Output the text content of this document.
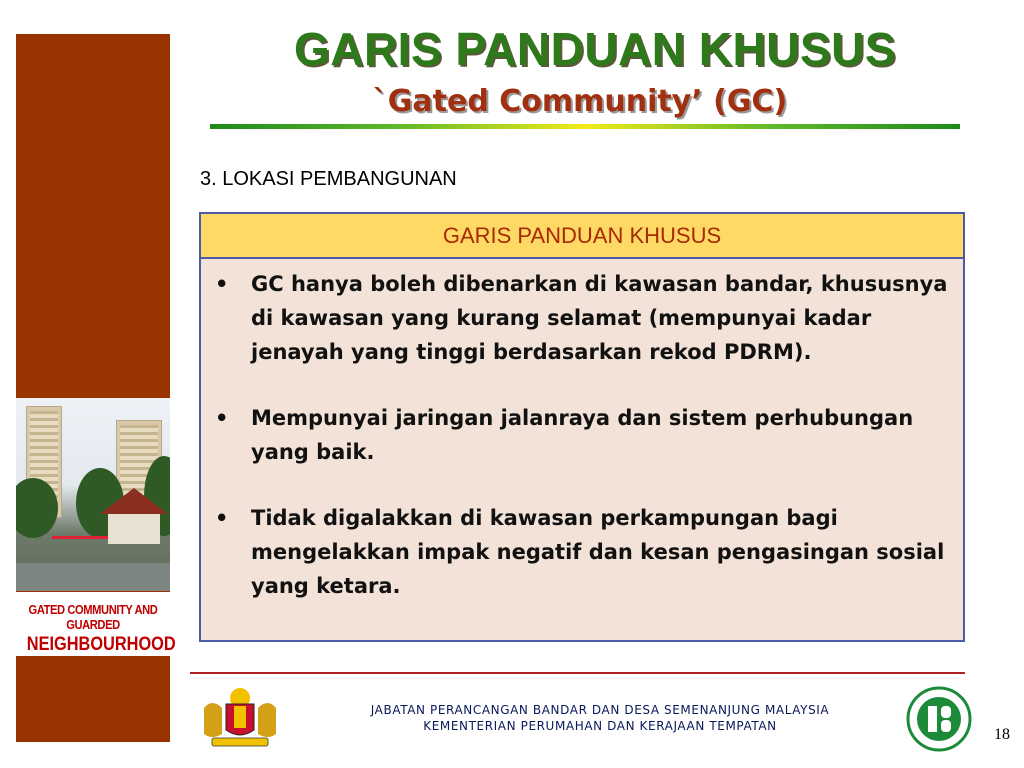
GATED COMMUNITY AND GUARDED
NEIGHBOURHOOD
GARIS PANDUAN KHUSUS
`Gated Community’ (GC)
3. LOKASI PEMBANGUNAN
GARIS PANDUAN KHUSUS
• GC hanya boleh dibenarkan di kawasan bandar, khususnya di kawasan yang kurang selamat (mempunyai kadar jenayah yang tinggi berdasarkan rekod PDRM).
• Mempunyai jaringan jalanraya dan sistem perhubungan yang baik.
• Tidak digalakkan di kawasan perkampungan bagi mengelakkan impak negatif dan kesan pengasingan sosial yang ketara.
JABATAN PERANCANGAN BANDAR DAN DESA SEMENANJUNG MALAYSIA
KEMENTERIAN PERUMAHAN DAN KERAJAAN TEMPATAN	18
